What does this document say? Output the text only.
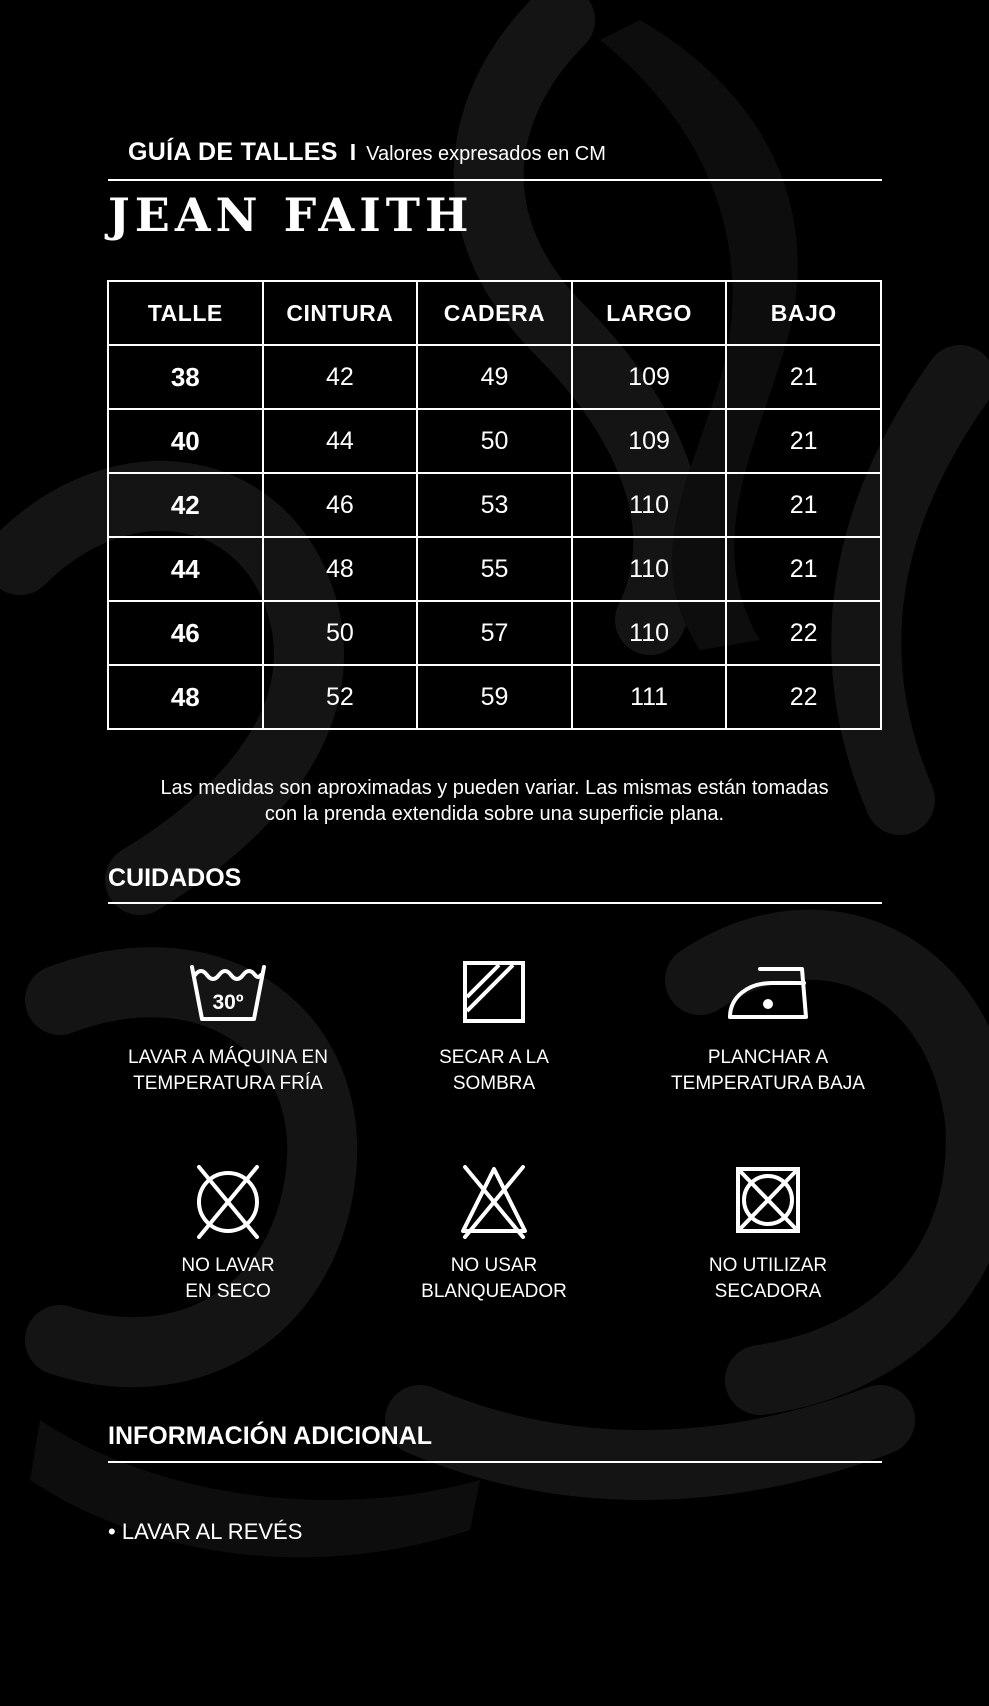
GUÍA DE TALLES I Valores expresados en CM
JEAN FAITH
TALLE	CINTURA	CADERA	LARGO	BAJO
38	42	49	109	21
40	44	50	109	21
42	46	53	110	21
44	48	55	110	21
46	50	57	110	22
48	52	59	111	22
Las medidas son aproximadas y pueden variar. Las mismas están tomadas
con la prenda extendida sobre una superficie plana.
CUIDADOS
30º
LAVAR A MÁQUINA EN
TEMPERATURA FRÍA
SECAR A LA
SOMBRA
PLANCHAR A
TEMPERATURA BAJA
NO LAVAR
EN SECO
NO USAR
BLANQUEADOR
NO UTILIZAR
SECADORA
INFORMACIÓN ADICIONAL
• LAVAR AL REVÉS
